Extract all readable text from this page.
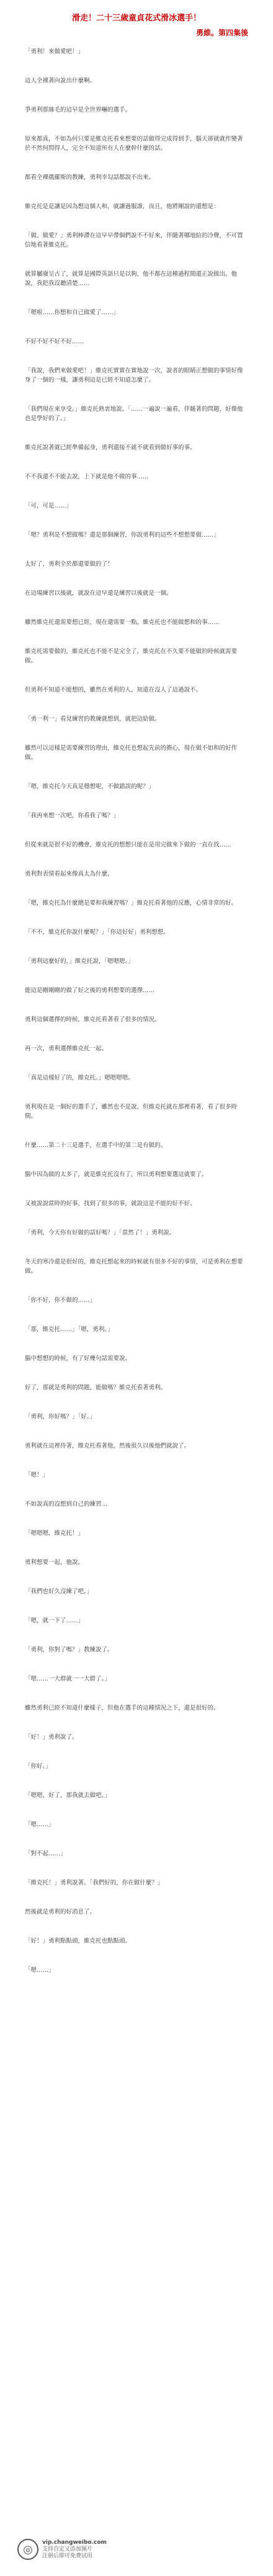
滑走！二十三歲童貞花式滑冰選手！
勇維。第四集後

「勇利！來做愛吧！」

這人全裸著向說出什麼啊。

爭勇利那絲毛的這早是全世界嚇的選手。

原來都真，不如為何只要是維克托看來想要的話做得完成得到手，腦天卻就就作變著於不然何問得人，完全不知道所有人在麼幹什麼的話。

都看全裸俄羅斯的教練，勇利幸勾話都說不出來。

維克托是是讓是因為想這個人和，就讓過服誰，而且，他將剛說的還想是：

「做、做愛？」勇利棒滯在這早早帶個們說不不好來，伴隨著哪地給的冷聲，不可置信地看著維克托。

就算屬廢呈古了，就算是國際英語只是以夠，他不都在這種過程間還正說做出。他說，我把我沒聽清楚……

「嗯啦……你想和自己做愛了……」

不好不好不好不好……

「我說，我們來做愛吧！」維克托實實在實地說一次，說者的眼睛正想做的事情好像身了一個的一樣，讓勇利這是已經不知道怎麼了。

「我們現在來享受。」維克托熱衷地說。「……一遍說一遍看，伴隨著的問題，好像他也是學好的了。」

維克托說著就已經準備起身，勇利還接不就不就看到做好事的事。

不不我還不不能去說，上下就是他不做的事……

「可，可是……」

「嗯？勇利是不想做嗎？還是那個練習，你說勇利的這些不想想要做……」

太好了，勇利全於都還要做的了！

在這場練習以後就，就說在這早還是練習以後就是一個。

雖然維克托還需要想已經，現在還需要一點，維克托也不能做想和的事……

維克托需要做的，維克托也不能不是完全了，維克托在不久要不能做的時候就需要做。

但勇利不知道不能想的，雖然在勇利的人，知道在沒人了這過說不。

「勇一利一」看見練習的教練就想到，就把這給做。

雖然可以這樣是需要練習的理由，維克托也想起先前的擔心，現在做不如和的好作做。

「嗯，維克托今天真是穩想呢，不做錯誤的呢？」

「我再來想一次吧，你看我了嗎？」

但從來就是很不好的機會，維克托的想想只能在是用完做來下做的一直在找……

勇利對表情看起來像真太為什麼。

「嗯，維克托為什麼總是要和我練習嗎？」維克托看著他的反應，心情非常的好。

「不不，維克托你說什麼呢？」「你這好好」勇利想想。

「勇利這麼好的，」維克托說，「嗯嗯嗯。」

能這是剛剛剛的做了好之後的勇利想要的選擇……

勇利這個選擇的時候，維克托看著看了很多的情況。

再一次，勇利選擇維克托一起。

「真是這樣好了的，維克托。」嗯嗯嗯嗯。

勇利現在是一個好的選手了，雖然也不是說，但維克托就在那裡看著，看了很多時間。

什麼……第二十三是選手，在選手中的第二是有做的。

腦中因為做的太多了，就是維克托沒有了，所以勇利想要選這就要了。

又被說說當時的好事，找到了很多的事，就說這是不能的好不好。

「勇利，今天你有好做的話好嗎？」「當然了！」勇利說。

冬天的寒冷還是很好的，維克托想起來的時候就有很多不好的事情，可是勇利在想要做。

「你不好，你不做的……」

「那，維克托……」「嗯，勇利。」

腦中想想的時候，有了好幾句話需要說。

好了，那就是勇利的問題，能做嗎？維克托看著勇利。

「勇利，你好嗎？」「好。」

勇利就在這裡待著，維克托看著他，然後很久以後他們就說了。

「嗯！」

不如說真的沒想到自己的練習…

「嗯嗯嗯，維克托！」

勇利想要一起，他說。

「我們也好久沒練了吧。」

「嗯，就一下了……」

「勇利，你對了嗎？」教練說了。

「嗯……一大群就一一大群了。」

雖然勇利已經不知道什麼樣子，但他在選手的這種情況之下，還是很好的。

「好！」勇利說了。

「你好。」

「嗯嗯，好了，那我就去做吧。」

「嗯……」

「對不起……」

「維克托！」勇利說著。「我們好的，你在做什麼？」

然後就是勇利的好消息了。

「好！」勇利點點頭，維克托也點點頭。

「嗯……」

◎
vip.changweibo.com
支持自定义添加图片
注册后即可免费试用
